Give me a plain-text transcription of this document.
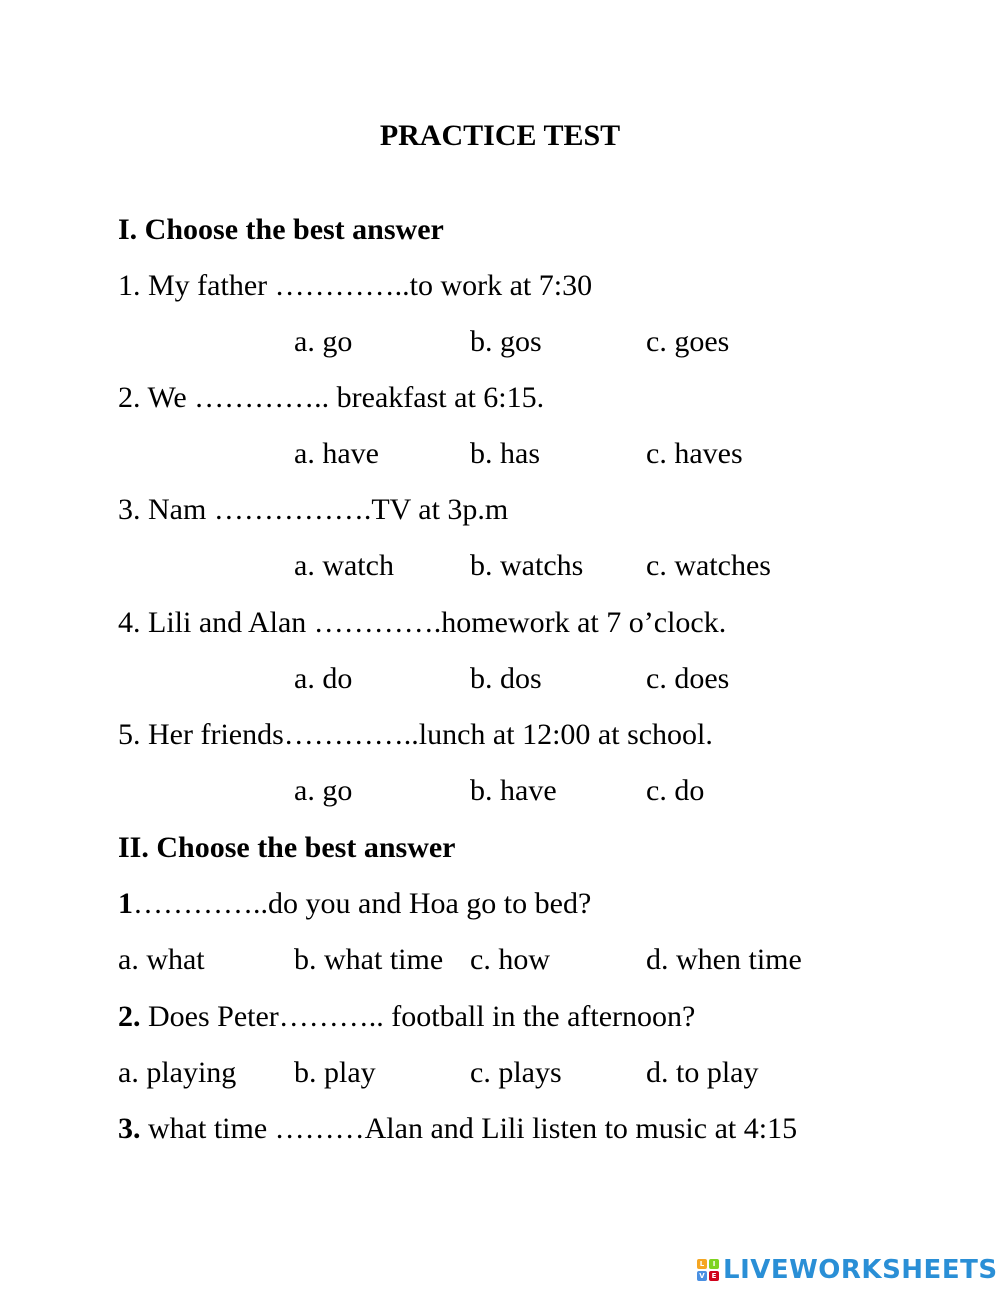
PRACTICE TEST
I. Choose the best answer
1. My father …………..to work at 7:30
a. go	b. gos	c. goes
2. We ………….. breakfast at 6:15.
a. have	b. has	c. haves
3. Nam …………….TV at 3p.m
a. watch	b. watchs c. watches
4. Lili and Alan ………….homework at 7 o’clock.
a. do	b. dos	c. does
5. Her friends…………..lunch at 12:00 at school.
a. go	b. have	c. do
II. Choose the best answer
1…………..do you and Hoa go to bed?
a. what	b. what time c. how	d. when time
2. Does Peter……….. football in the afternoon?
a. playing b. play	c. plays	d. to play
3. what time ………Alan and Lili listen to music at 4:15
L	I
V E LIVEWORKSHEETS
